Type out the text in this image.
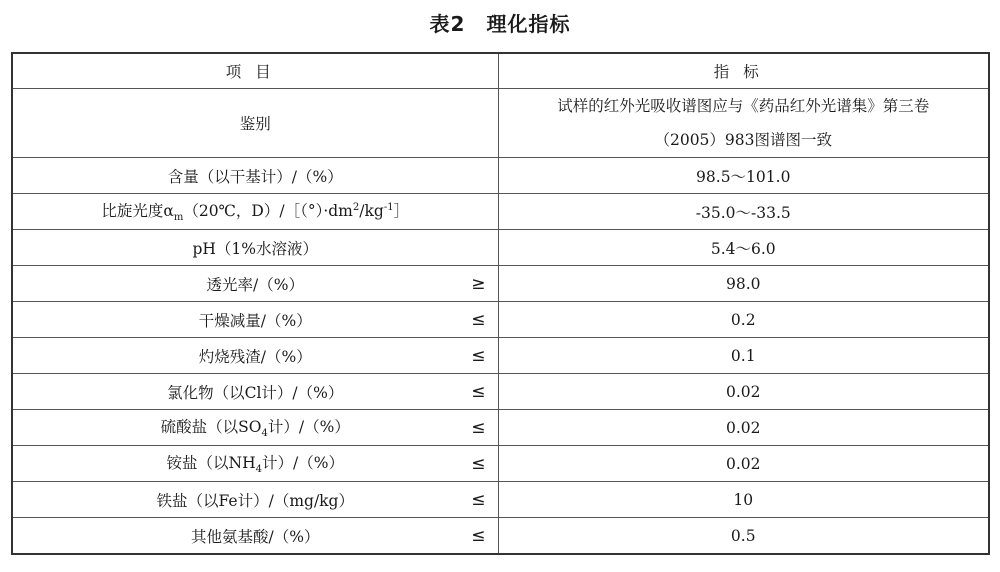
表2　理化指标
项目	指标
鉴别	试样的红外光吸收谱图应与《药品红外光谱集》第三卷
（2005）983图谱图一致

含量（以干基计）/（%）	98.5～101.0
比旋光度$\alpha_m(20℃$，$D)/[(^\circ)\cdot dm^2/kg^{-1}]$	-35.0～-33.5
pH（1%水溶液）	5.4～6.0
透光率/（%） ≥	98.0
干燥减量/（%） ≤	0.2
灼烧残渣/（%） ≤	0.1
氯化物（以Cl计）/（%） ≤	0.02
硫酸盐（以$SO_4$计）/（%） ≤	0.02
铵盐（以$NH_4$计）/（%） ≤	0.02
铁盐（以Fe计）/（mg/kg） ≤	10
其他氨基酸/（%） ≤	0.5
